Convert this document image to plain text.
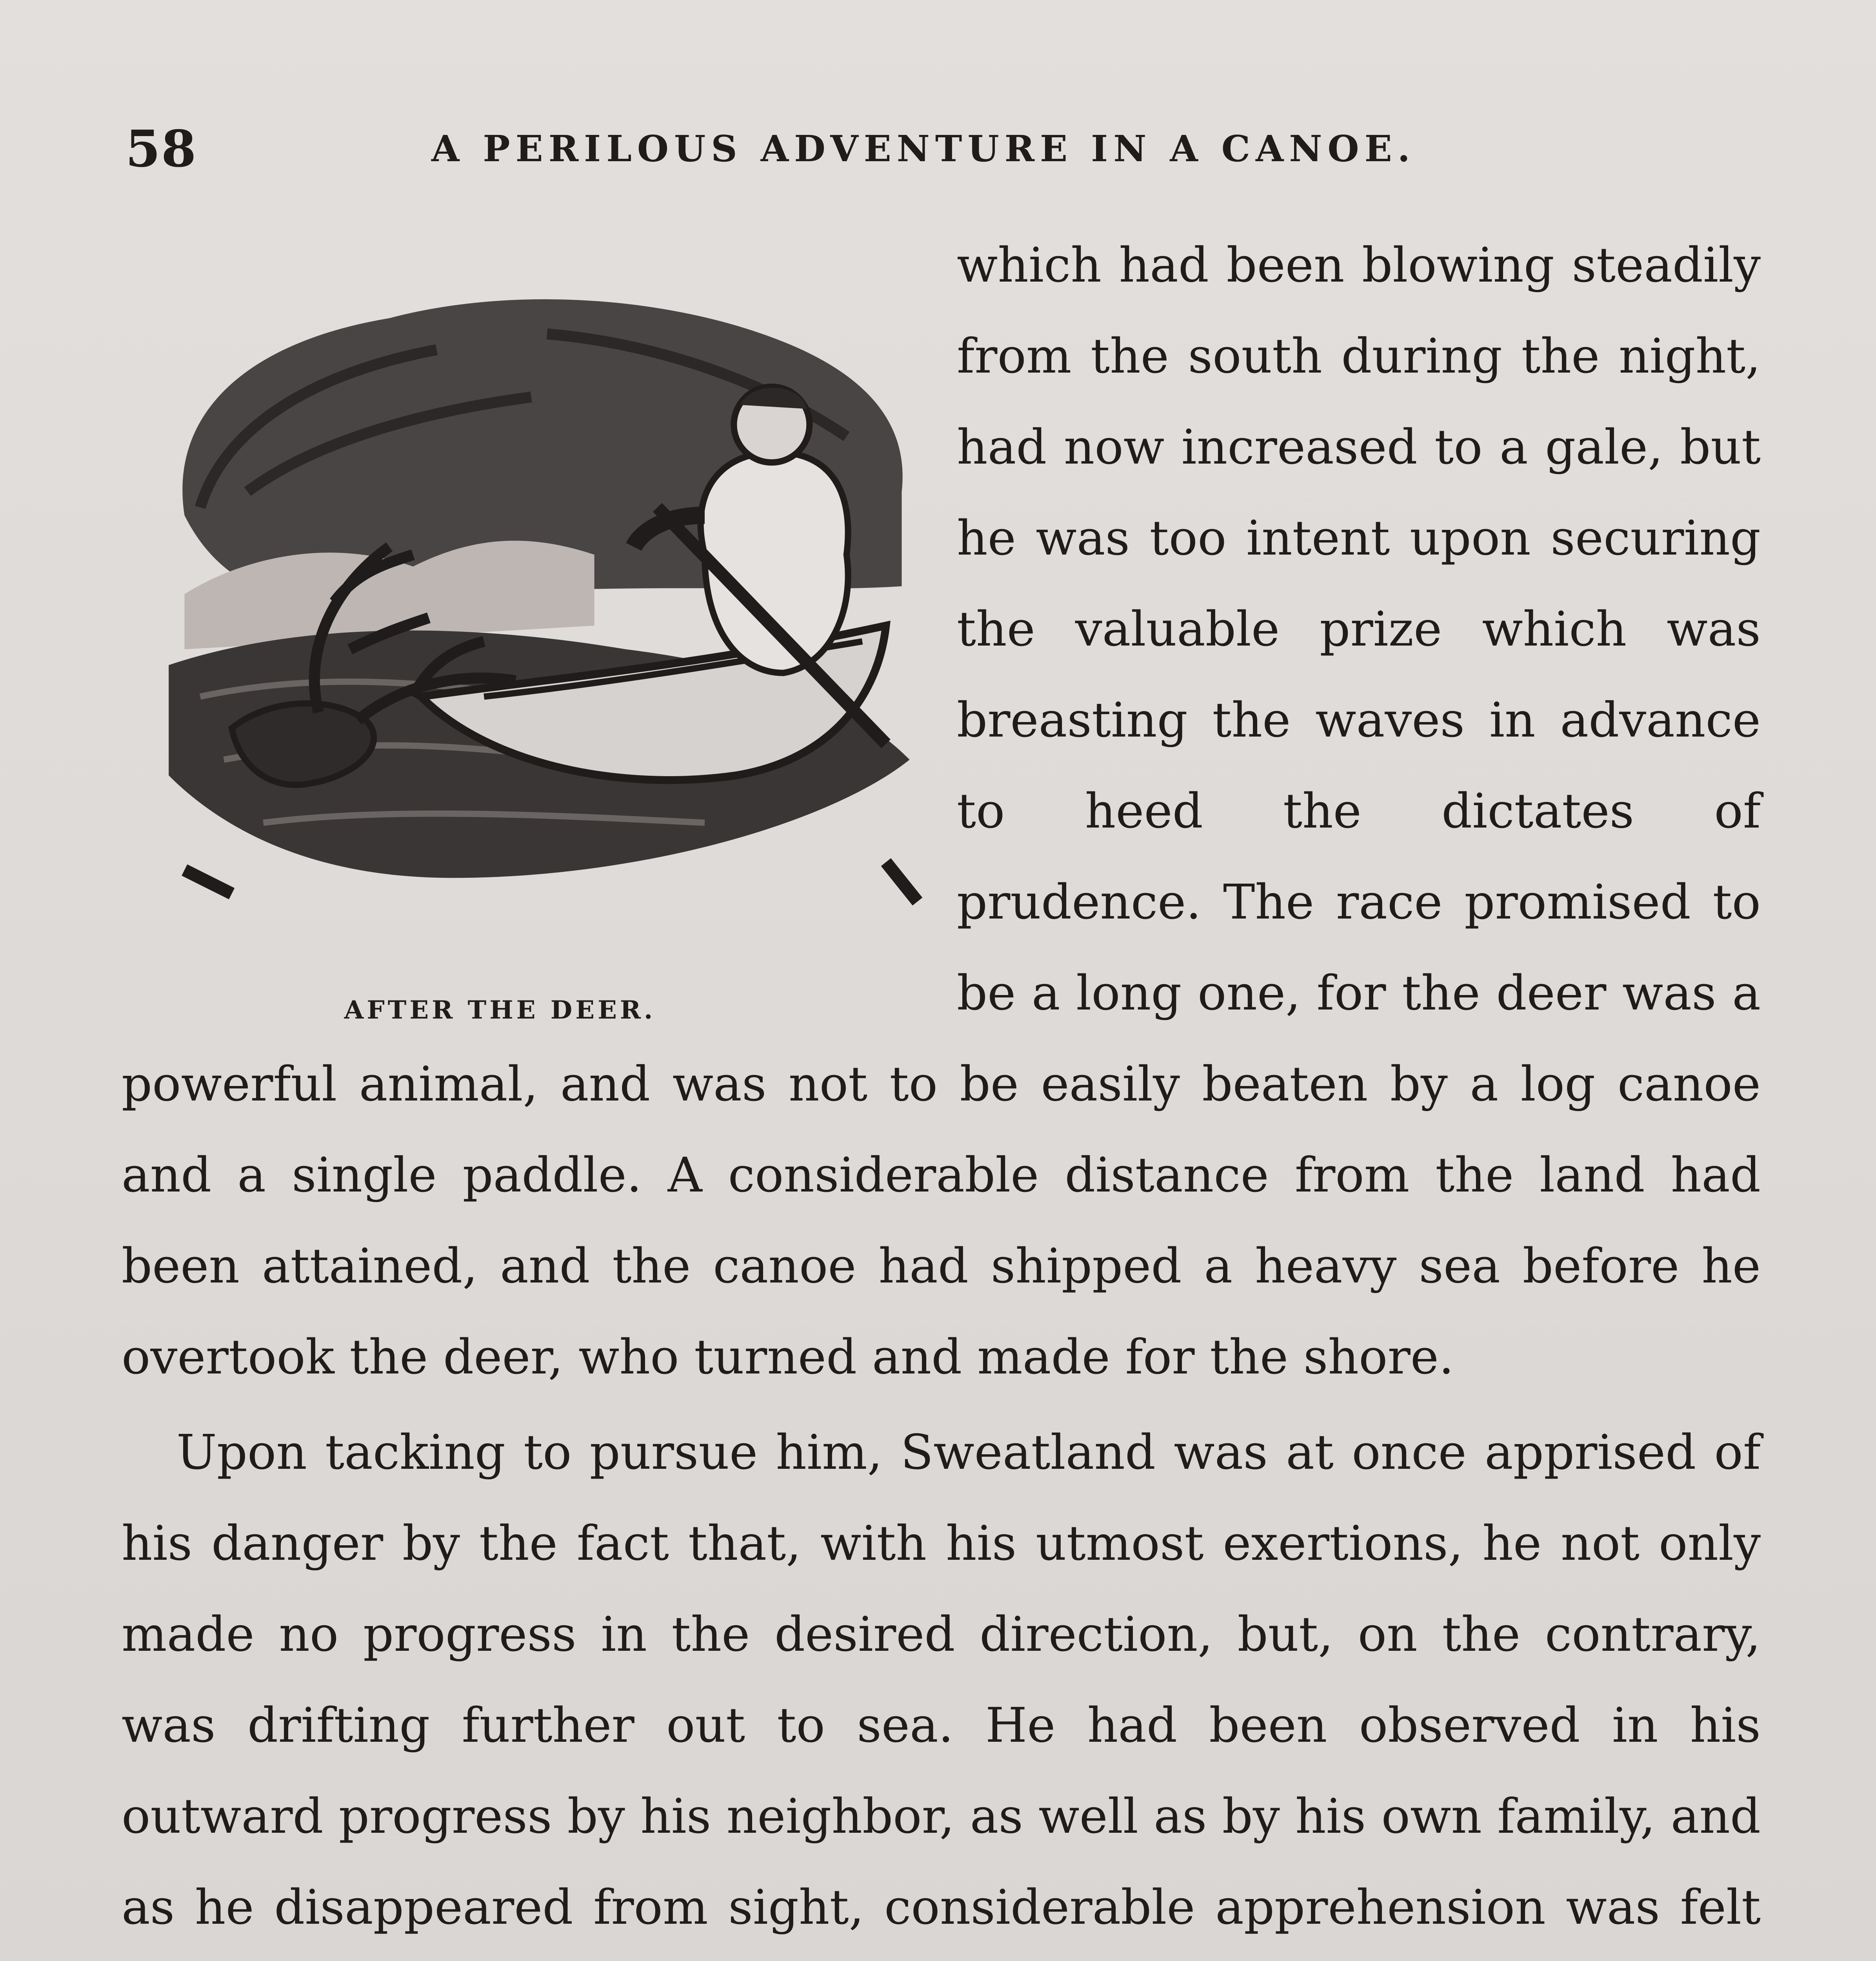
58	A PERILOUS ADVENTURE IN A CANOE.
AFTER THE DEER.
which had been blowing steadily from the south during the night, had now increased to a gale, but he was too intent upon securing the valuable prize which was breasting the waves in advance to heed the dictates of prudence. The race promised to be a long one, for the deer was a powerful animal, and was not to be easily beaten by a log canoe and a single paddle. A considerable distance from the land had been attained, and the canoe had shipped a heavy sea before he overtook the deer, who turned and made for the shore.

Upon tacking to pursue him, Sweatland was at once apprised of his danger by the fact that, with his utmost exertions, he not only made no progress in the desired direction, but, on the contrary, was drifting further out to sea. He had been observed in his outward progress by his neighbor, as well as by his own family, and as he disappeared from sight, considerable apprehension was felt
